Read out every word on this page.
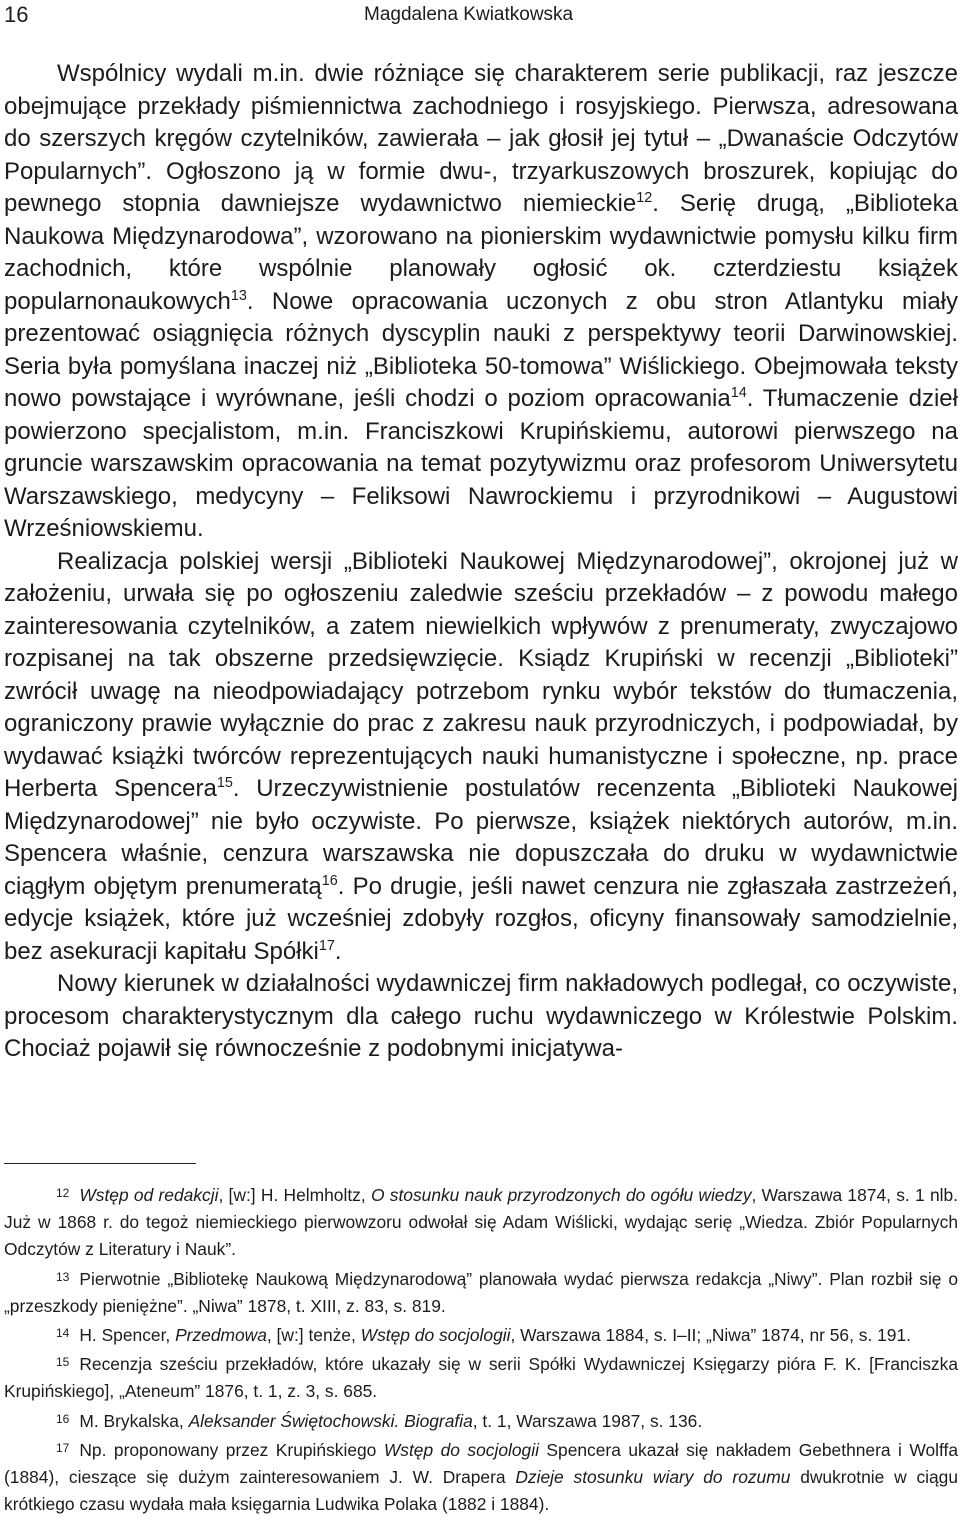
16	Magdalena Kwiatkowska

Wspólnicy wydali m.in. dwie różniące się charakterem serie publikacji, raz jeszcze obejmujące przekłady piśmiennictwa zachodniego i rosyjskiego. Pierwsza, adresowana do szerszych kręgów czytelników, zawierała – jak głosił jej tytuł – „Dwanaście Odczytów Popularnych”. Ogłoszono ją w formie dwu-, trzyarkuszowych broszurek, kopiując do pewnego stopnia dawniejsze wydawnictwo niemieckie$^{12}$. Serię drugą, „Biblioteka Naukowa Międzynarodowa”, wzorowano na pionierskim wydawnictwie pomysłu kilku firm zachodnich, które wspólnie planowały ogłosić ok. czterdziestu książek popularnonaukowych$^{13}$. Nowe opracowania uczonych z obu stron Atlantyku miały prezentować osiągnięcia różnych dyscyplin nauki z perspektywy teorii Darwinowskiej. Seria była pomyślana inaczej niż „Biblioteka 50-tomowa” Wiślickiego. Obejmowała teksty nowo powstające i wyrównane, jeśli chodzi o poziom opracowania$^{14}$. Tłumaczenie dzieł powierzono specjalistom, m.in. Franciszkowi Krupińskiemu, autorowi pierwszego na gruncie warszawskim opracowania na temat pozytywizmu oraz profesorom Uniwersytetu Warszawskiego, medycyny – Feliksowi Nawrockiemu i przyrodnikowi – Augustowi Wrześniowskiemu.

Realizacja polskiej wersji „Biblioteki Naukowej Międzynarodowej”, okrojonej już w założeniu, urwała się po ogłoszeniu zaledwie sześciu przekładów – z powodu małego zainteresowania czytelników, a zatem niewielkich wpływów z prenumeraty, zwyczajowo rozpisanej na tak obszerne przedsięwzięcie. Ksiądz Krupiński w recenzji „Biblioteki” zwrócił uwagę na nieodpowiadający potrzebom rynku wybór tekstów do tłumaczenia, ograniczony prawie wyłącznie do prac z zakresu nauk przyrodniczych, i podpowiadał, by wydawać książki twórców reprezentujących nauki humanistyczne i społeczne, np. prace Herberta Spencera$^{15}$. Urzeczywistnienie postulatów recenzenta „Biblioteki Naukowej Międzynarodowej” nie było oczywiste. Po pierwsze, książek niektórych autorów, m.in. Spencera właśnie, cenzura warszawska nie dopuszczała do druku w wydawnictwie ciągłym objętym prenumeratą$^{16}$. Po drugie, jeśli nawet cenzura nie zgłaszała zastrzeżeń, edycje książek, które już wcześniej zdobyły rozgłos, oficyny finansowały samodzielnie, bez asekuracji kapitału Spółki$^{17}$.

Nowy kierunek w działalności wydawniczej firm nakładowych podlegał, co oczywiste, procesom charakterystycznym dla całego ruchu wydawniczego w Królestwie Polskim. Chociaż pojawił się równocześnie z podobnymi inicjatywa-

$^{12}$ Wstęp od redakcji, [w:] H. Helmholtz, O stosunku nauk przyrodzonych do ogółu wiedzy, Warszawa 1874, s. 1 nlb. Już w 1868 r. do tegoż niemieckiego pierwowzoru odwołał się Adam Wiślicki, wydając serię „Wiedza. Zbiór Popularnych Odczytów z Literatury i Nauk”.

$^{13}$ Pierwotnie „Bibliotekę Naukową Międzynarodową” planowała wydać pierwsza redakcja „Niwy”. Plan rozbił się o „przeszkody pieniężne”. „Niwa” 1878, t. XIII, z. 83, s. 819.

$^{14}$ H. Spencer, Przedmowa, [w:] tenże, Wstęp do socjologii, Warszawa 1884, s. I–II; „Niwa” 1874, nr 56, s. 191.

$^{15}$ Recenzja sześciu przekładów, które ukazały się w serii Spółki Wydawniczej Księgarzy pióra F. K. [Franciszka Krupińskiego], „Ateneum” 1876, t. 1, z. 3, s. 685.

$^{16}$ M. Brykalska, Aleksander Świętochowski. Biografia, t. 1, Warszawa 1987, s. 136.

$^{17}$ Np. proponowany przez Krupińskiego Wstęp do socjologii Spencera ukazał się nakładem Gebethnera i Wolffa (1884), cieszące się dużym zainteresowaniem J. W. Drapera Dzieje stosunku wiary do rozumu dwukrotnie w ciągu krótkiego czasu wydała mała księgarnia Ludwika Polaka (1882 i 1884).
